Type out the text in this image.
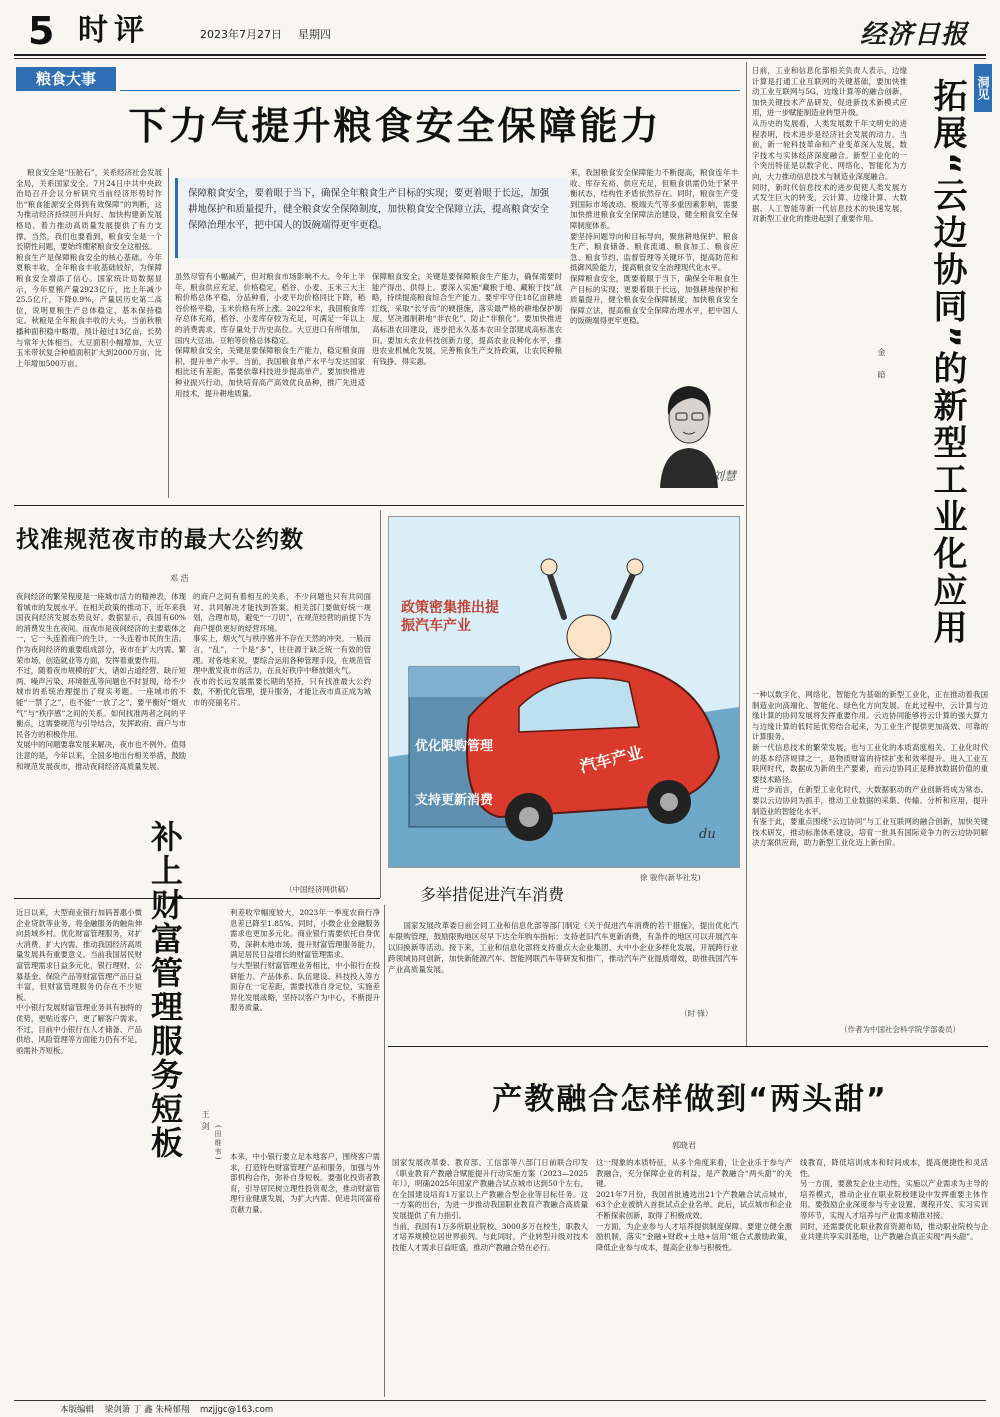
5 时评	2023年7月27日 星期四	经济日报
粮食大事
下力气提升粮食安全保障能力
粮食安全是“压舱石”，关系经济社会发展全局，关系国家安全。7月24日中共中央政治局召开会议分析研究当前经济形势时作出“粮食能源安全得到有效保障”的判断，这为推动经济持续回升向好、加快构建新发展格局、着力推动高质量发展提供了有力支撑。当然，我们也要看到，粮食安全是一个长期性问题，要始终绷紧粮食安全这根弦。
粮食生产是保障粮食安全的核心基础。今年夏粮丰收，全年粮食丰收基础较好，为保障粮食安全增添了信心。国家统计局数据显示，今年夏粮产量2923亿斤，比上年减少25.5亿斤，下降0.9%，产量居历史第二高位，说明夏粮生产总体稳定，基本保持稳定。秋粮是全年粮食丰收的大头，当前秋粮播种面积稳中略增，预计超过13亿亩，长势与常年大体相当。大豆面积小幅增加，大豆玉米带状复合种植面积扩大到2000万亩，比上年增加500万亩。
保障粮食安全，要着眼于当下，确保全年粮食生产目标的实现；要更着眼于长远，加强耕地保护和质量提升，健全粮食安全保障制度，加快粮食安全保障立法，提高粮食安全保障治理水平，把中国人的饭碗端得更牢更稳。
虽然尽管有小幅减产，但对粮食市场影响不大。今年上半年，粮食供应充足，价格稳定，稻谷、小麦、玉米三大主粮价格总体平稳，分品种看，小麦平均价格同比下降，稻谷价格平稳，玉米价格有所上涨。2022年末，我国粮食库存总体充裕，稻谷、小麦库存较为充足，可满足一年以上的消费需求，库存量处于历史高位。大豆进口有所增加，国内大豆油、豆粕等价格总体稳定。
保障粮食安全，关键是要保障粮食生产能力，稳定粮食面积，提升单产水平。当前，我国粮食单产水平与发达国家相比还有差距，需要依靠科技进步提高单产。要加快推进种业振兴行动，加快培育高产高效优良品种，推广先进适用技术，提升耕地质量。
保障粮食安全，关键是要保障粮食生产能力，确保需要时能产得出、供得上。要深入实施“藏粮于地、藏粮于技”战略，持续提高粮食综合生产能力。要牢牢守住18亿亩耕地红线，采取“长牙齿”的硬措施，落实最严格的耕地保护制度，坚决遏制耕地“非农化”、防止“非粮化”。要加快推进高标准农田建设，逐步把永久基本农田全部建成高标准农田。要加大农业科技创新力度，提高农业良种化水平，推进农业机械化发展，完善粮食生产支持政策，让农民种粮有钱挣、得实惠。
来，我国粮食安全保障能力不断提高，粮食连年丰收、库存充裕、供应充足，但粮食供需仍处于紧平衡状态，结构性矛盾依然存在。同时，粮食生产受到国际市场波动、极端天气等多重因素影响，需要加快推进粮食安全保障法治建设，健全粮食安全保障制度体系。
要坚持问题导向和目标导向，聚焦耕地保护、粮食生产、粮食储备、粮食流通、粮食加工、粮食应急、粮食节约、监督管理等关键环节，提高防范和抵御风险能力，提高粮食安全治理现代化水平。
保障粮食安全，既要着眼于当下，确保全年粮食生产目标的实现；更要着眼于长远，加强耕地保护和质量提升，健全粮食安全保障制度，加快粮食安全保障立法，提高粮食安全保障治理水平，把中国人的饭碗端得更牢更稳。
刘慧
找准规范夜市的最大公约数
邓 浩
夜间经济的繁荣程度是一座城市活力的精神表，体现着城市的发展水平。在相关政策的推动下，近年来我国夜间经济发展态势良好。数据显示，我国有60%的消费发生在夜间。而夜市是夜间经济的主要载体之一，它一头连着商户的生计，一头连着市民的生活。作为夜间经济的重要组成部分，夜市在扩大内需、繁荣市场、创造就业等方面，发挥着重要作用。
不过，随着夜市规模的扩大，诸如占道经营、缺斤短两、噪声污染、环境脏乱等问题也不时显现，给不少城市的系统治理提出了现实考题。一座城市的不能“一禁了之”，也不能“一放了之”，要平衡好“烟火气”与“秩序感”之间的关系。如何找准两者之间的平衡点，这需要规范与引导结合，发挥政府、商户与市民各方的积极作用。
发展中的问题要靠发展来解决，夜市也不例外。值得注意的是，今年以来，全国多地出台相关举措，鼓励和规范发展夜市，推动夜间经济高质量发展。
的商户之间有着相互的关系，不少问题也只有共同面对、共同解决才能找到答案。相关部门要做好统一规划，合理布局，避免“一刀切”，在规范经营的前提下为商户提供更好的经营环境。
事实上，烟火气与秩序感并不存在天然的冲突。一般而言，“乱”，一个是“多”，往往源于缺乏统一有效的管理。对各地来说，要综合运用各种管理手段，在规范管理中激发夜市的活力，在良好秩序中释放烟火气。
夜市的长远发展需要长期的坚持，只有找准最大公约数，不断优化管理，提升服务，才能让夜市真正成为城市的亮丽名片。
（中国经济网供稿）
政策密集推出提振汽车产业
优化限购管理
支持更新消费
汽车产业
du
徐 骏作(新华社发)
多举措促进汽车消费
国家发展改革委日前会同工业和信息化部等部门制定《关于促进汽车消费的若干措施》，提出优化汽车限购管理，鼓励限购地区尽早下达全年购车指标；支持老旧汽车更新消费，有条件的地区可以开展汽车以旧换新等活动。接下来，工业和信息化部将支持重点大企业集团、大中小企业多样化发展，开展跨行业跨领域协同创新，加快新能源汽车、智能网联汽车等研发和推广，推动汽车产业提质增效，助推我国汽车产业高质量发展。
（时 锋）
近日以来，大型商业银行加码普惠小微企业贷款等业务，将金融服务的触角伸向县域乡村。优化财富管理服务，对扩大消费、扩大内需、推动我国经济高质量发展具有重要意义。当前我国居民财富管理需求日益多元化，银行理财、公募基金、保险产品等财富管理产品日益丰富，但财富管理服务仍存在不少短板。
中小银行发展财富管理业务具有独特的优势，更贴近客户，更了解客户需求。不过，目前中小银行在人才储备、产品供给、风险管理等方面能力仍有不足，亟需补齐短板。	补上财富管理服务短板 王剑
(田维韦)
利差收窄幅度较大，2023年一季度农商行净息差已降至1.85%。同时，小微企业金融服务需求也更加多元化。商业银行需要依托自身优势，深耕本地市场，提升财富管理服务能力，满足居民日益增长的财富管理需求。
与大型银行财富管理业务相比，中小银行在投研能力、产品体系、队伍建设、科技投入等方面存在一定差距，需要找准自身定位，实施差异化发展战略，坚持以客户为中心，不断提升服务质量。
本来，中小银行要立足本地客户，围绕客户需求，打造特色财富管理产品和服务，加强与外部机构合作，弥补自身短板。要强化投资者教育，引导居民树立理性投资观念，推动财富管理行业健康发展，为扩大内需、促进共同富裕贡献力量。
日前，工业和信息化部相关负责人表示，边缘计算是打通工业互联网的关键基础，要加快推动工业互联网与5G、边缘计算等的融合创新，加快关键技术产品研发，促进新技术新模式应用，进一步赋能制造业转型升级。
从历史的发展看，人类发展数千年文明史的进程表明，技术进步是经济社会发展的动力。当前，新一轮科技革命和产业变革深入发展，数字技术与实体经济深度融合。新型工业化的一个突出特征是以数字化、网络化、智能化为方向，大力推动信息技术与制造业深度融合。
同时，新时代信息技术的进步促使人类发展方式发生巨大的转变，云计算、边缘计算、大数据、人工智能等新一代信息技术的快速发展，对新型工业化的推进起到了重要作用。
洞见
拓展“云边协同”的新型工业化应用
金 暗
一种以数字化、网络化、智能化为基础的新型工业化，正在推动着我国制造业向高端化、智能化、绿色化方向发展。在此过程中，云计算与边缘计算的协同发展将发挥重要作用。云边协同能够将云计算的强大算力与边缘计算的低时延优势结合起来，为工业生产提供更加高效、可靠的计算服务。
新一代信息技术的繁荣发展，也与工业化的本质高度相关。工业化时代的基本经济规律之一，是物质财富的持续扩张和效率提升。进入工业互联网时代，数据成为新的生产要素，而云边协同正是释放数据价值的重要技术路径。
进一步而言，在新型工业化时代，大数据驱动的产业创新将成为常态。要以云边协同为抓手，推动工业数据的采集、传输、分析和应用，提升制造业的智能化水平。
有鉴于此，要重点围绕“云边协同”与工业互联网的融合创新，加快关键技术研发，推动标准体系建设，培育一批具有国际竞争力的云边协同解决方案供应商，助力新型工业化迈上新台阶。
（作者为中国社会科学院学部委员）
产教融合怎样做到“两头甜”
郭晓君
国家发展改革委、教育部、工信部等八部门日前联合印发《职业教育产教融合赋能提升行动实施方案（2023—2025年）》，明确2025年国家产教融合试点城市达到50个左右，在全国建设培育1万家以上产教融合型企业等目标任务。这一方案的出台，为进一步推动我国职业教育产教融合高质量发展提供了有力指引。
当前，我国有1万多所职业院校、3000多万在校生，职教人才培养规模位居世界前列。与此同时，产业转型升级对技术技能人才需求日益旺盛，推动产教融合势在必行。
这一现象的本质特征，从多个角度来看，让企业乐于参与产教融合，充分保障企业的利益，是产教融合“两头甜”的关键。
2021年7月份，我国首批遴选出21个产教融合试点城市，63个企业被纳入首批试点企业名单。此后，试点城市和企业不断探索创新，取得了积极成效。
一方面，为企业参与人才培养提供制度保障。要建立健全激励机制，落实“金融+财政+土地+信用”组合式激励政策，降低企业参与成本，提高企业参与积极性。
线教育，降低培训成本和时间成本，提高便捷性和灵活性。
另一方面，要激发企业主动性，实施以产业需求为主导的培养模式，推动企业在职业院校建设中发挥重要主体作用。要鼓励企业深度参与专业设置、课程开发、实习实训等环节，实现人才培养与产业需求精准对接。
同时，还需要优化职业教育资源布局，推动职业院校与企业共建共享实训基地，让产教融合真正实现“两头甜”。
本版编辑 梁剑箫 丁 鑫 朱椅郁翔 mzjjgc@163.com
